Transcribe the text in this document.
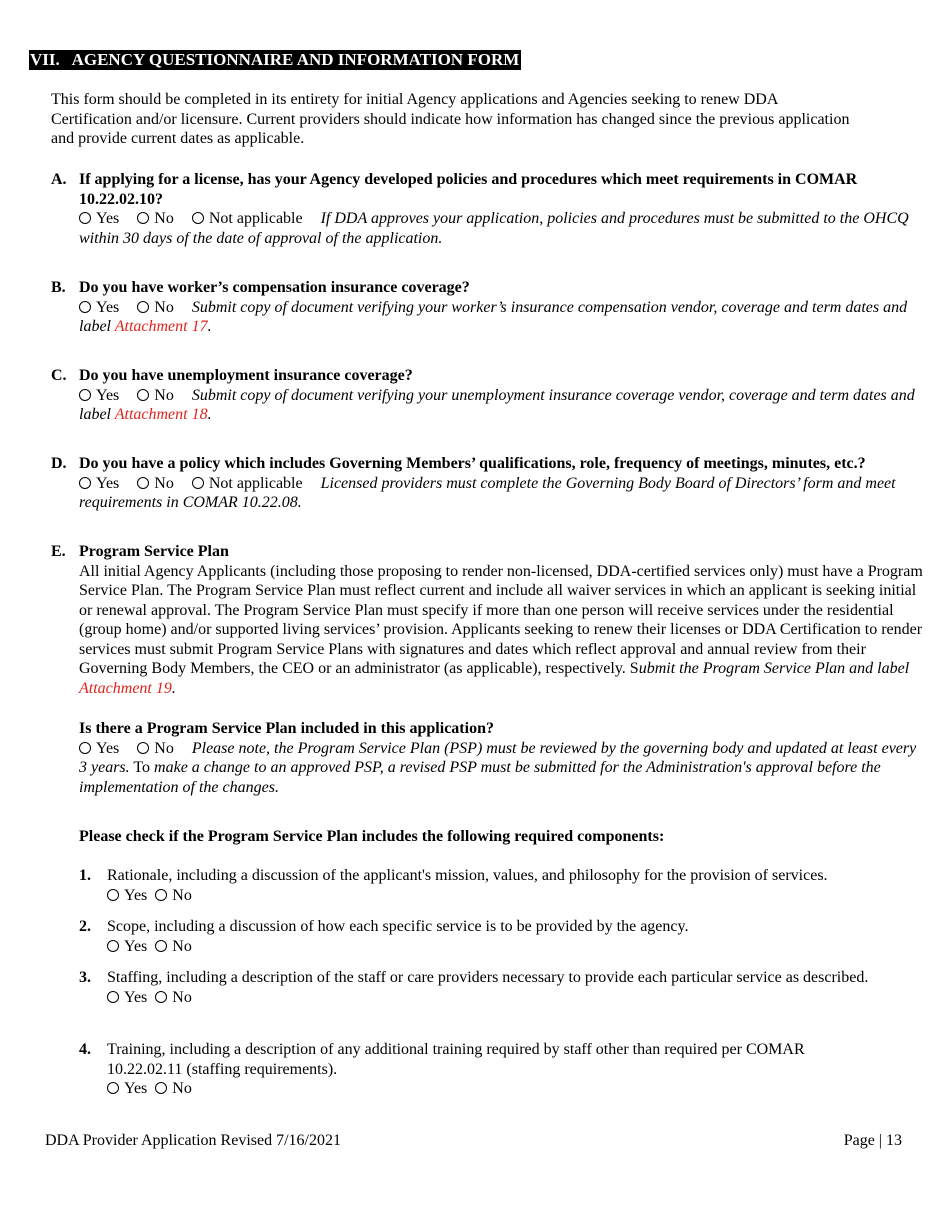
VII. AGENCY QUESTIONNAIRE AND INFORMATION FORM
This form should be completed in its entirety for initial Agency applications and Agencies seeking to renew DDA Certification and/or licensure. Current providers should indicate how information has changed since the previous application and provide current dates as applicable.
A. If applying for a license, has your Agency developed policies and procedures which meet requirements in COMAR 10.22.02.10?
Yes No Not applicable If DDA approves your application, policies and procedures must be submitted to the OHCQ within 30 days of the date of approval of the application.
B. Do you have worker’s compensation insurance coverage?
Yes No Submit copy of document verifying your worker’s insurance compensation vendor, coverage and term dates and label Attachment 17.
C. Do you have unemployment insurance coverage?
Yes No Submit copy of document verifying your unemployment insurance coverage vendor, coverage and term dates and label Attachment 18.
D. Do you have a policy which includes Governing Members’ qualifications, role, frequency of meetings, minutes, etc.?
Yes No Not applicable Licensed providers must complete the Governing Body Board of Directors’ form and meet requirements in COMAR 10.22.08.
E. Program Service Plan
All initial Agency Applicants (including those proposing to render non-licensed, DDA-certified services only) must have a Program Service Plan. The Program Service Plan must reflect current and include all waiver services in which an applicant is seeking initial or renewal approval. The Program Service Plan must specify if more than one person will receive services under the residential (group home) and/or supported living services’ provision. Applicants seeking to renew their licenses or DDA Certification to render services must submit Program Service Plans with signatures and dates which reflect approval and annual review from their Governing Body Members, the CEO or an administrator (as applicable), respectively. Submit the Program Service Plan and label Attachment 19.
Is there a Program Service Plan included in this application?
Yes No Please note, the Program Service Plan (PSP) must be reviewed by the governing body and updated at least every 3 years. To make a change to an approved PSP, a revised PSP must be submitted for the Administration's approval before the implementation of the changes.
Please check if the Program Service Plan includes the following required components:
1. Rationale, including a discussion of the applicant's mission, values, and philosophy for the provision of services.
Yes No
2. Scope, including a discussion of how each specific service is to be provided by the agency.
Yes No
3. Staffing, including a description of the staff or care providers necessary to provide each particular service as described.
Yes No
4. Training, including a description of any additional training required by staff other than required per COMAR 10.22.02.11 (staffing requirements).
Yes No
DDA Provider Application Revised 7/16/2021	Page | 13
